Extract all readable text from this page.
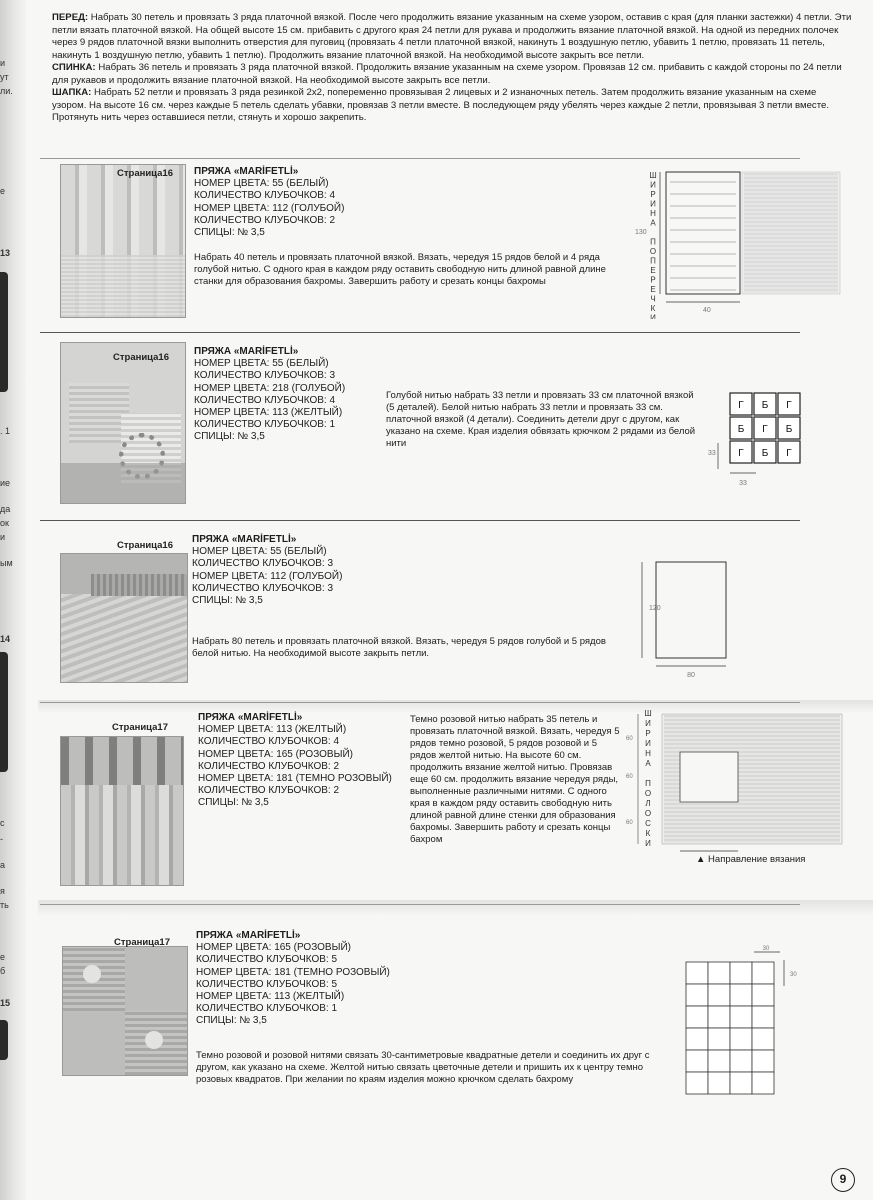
и
ут
ли.
е
13
. 1
ие
да
ок
и
ым
14
с
-
а
я
ть
е
б
15
ПЕРЕД: Набрать 30 петель и провязать 3 ряда платочной вязкой. После чего продолжить вязание указанным на схеме узором, оставив с края (для планки застежки) 4 петли. Эти петли вязать платочной вязкой. На общей высоте 15 см. прибавить с другого края 24 петли для рукава и продолжить вязание платочной вязкой. На одной из передних полочек через 9 рядов платочной вязки выполнить отверстия для пуговиц (провязать 4 петли платочной вязкой, накинуть 1 воздушную петлю, убавить 1 петлю, провязать 11 петель, накинуть 1 воздушную петлю, убавить 1 петлю). Продолжить вязание платочной вязкой. На необходимой высоте закрыть все петли.
СПИНКА: Набрать 36 петель и провязать 3 ряда платочной вязкой. Продолжить вязание указанным на схеме узором. Провязав 12 см. прибавить с каждой стороны по 24 петли для рукавов и продолжить вязание платочной вязкой. На необходимой высоте закрыть все петли.
ШАПКА: Набрать 52 петли и провязать 3 ряда резинкой 2x2, попеременно провязывая 2 лицевых и 2 изнаночных петель. Затем продолжить вязание указанным на схеме узором. На высоте 16 см. через каждые 5 петель сделать убавки, провязав 3 петли вместе. В последующем ряду убелять через каждые 2 петли, провязывая 3 петли вместе. Протянуть нить через оставшиеся петли, стянуть и хорошо закрепить.
Страница16 ПРЯЖА «MARİFETLİ»
НОМЕР ЦВЕТА: 55 (БЕЛЫЙ)
КОЛИЧЕСТВО КЛУБОЧКОВ: 4
НОМЕР ЦВЕТА: 112 (ГОЛУБОЙ)
КОЛИЧЕСТВО КЛУБОЧКОВ: 2
СПИЦЫ: № 3,5
Набрать 40 петель и провязать платочной вязкой. Вязать, чередуя 15 рядов белой и 4 ряда голубой нитью. С одного края в каждом ряду оставить свободную нить длиной равной длине станки для образования бахромы. Завершить работу и срезать концы бахромы
Ш
И
Р
И
Н
А
П
О
П
Е
Р
Е
Ч
К
И
130
40
Страница16
ПРЯЖА «MARİFETLİ»
НОМЕР ЦВЕТА: 55 (БЕЛЫЙ)
КОЛИЧЕСТВО КЛУБОЧКОВ: 3
НОМЕР ЦВЕТА: 218 (ГОЛУБОЙ)
КОЛИЧЕСТВО КЛУБОЧКОВ: 4
НОМЕР ЦВЕТА: 113 (ЖЕЛТЫЙ)
КОЛИЧЕСТВО КЛУБОЧКОВ: 1
СПИЦЫ: № 3,5
Голубой нитью набрать 33 петли и провязать 33 см платочной вязкой (5 деталей). Белой нитью набрать 33 петли и провязать 33 см. платочной вязкой (4 детали). Соединить детели друг с другом, как указано на схеме. Края изделия обвязать крючком 2 рядами из белой нити
33
33
Г Б Г
Б Г Б
Г Б Г
Страница16
ПРЯЖА «MARİFETLİ»
НОМЕР ЦВЕТА: 55 (БЕЛЫЙ)
КОЛИЧЕСТВО КЛУБОЧКОВ: 3
НОМЕР ЦВЕТА: 112 (ГОЛУБОЙ)
КОЛИЧЕСТВО КЛУБОЧКОВ: 3
СПИЦЫ: № 3,5
Набрать 80 петель и провязать платочной вязкой. Вязать, чередуя 5 рядов голубой и 5 рядов белой нитью. На необходимой высоте закрыть петли.
120
80
Страница17
ПРЯЖА «MARİFETLİ»
НОМЕР ЦВЕТА: 113 (ЖЕЛТЫЙ)
КОЛИЧЕСТВО КЛУБОЧКОВ: 4
НОМЕР ЦВЕТА: 165 (РОЗОВЫЙ)
КОЛИЧЕСТВО КЛУБОЧКОВ: 2
НОМЕР ЦВЕТА: 181 (ТЕМНО РОЗОВЫЙ)
КОЛИЧЕСТВО КЛУБОЧКОВ: 2
СПИЦЫ: № 3,5
Темно розовой нитью набрать 35 петель и провязать платочной вязкой. Вязать, чередуя 5 рядов темно розовой, 5 рядов розовой и 5 рядов желтой нитью. На высоте 60 см. продолжить вязание желтой нитью. Провязав еще 60 см. продолжить вязание чередуя ряды, выполненные различными нитями. С одного края в каждом ряду оставить свободную нить длиной равной длине стенки для образования бахромы. Завершить работу и срезать концы бахром
Ш
И
Р
И
Н
А
П
О
Л
О
С
К
И
60
60
60
▲ Направление вязания
Страница17
ПРЯЖА «MARİFETLİ»
НОМЕР ЦВЕТА: 165 (РОЗОВЫЙ)
КОЛИЧЕСТВО КЛУБОЧКОВ: 5
НОМЕР ЦВЕТА: 181 (ТЕМНО РОЗОВЫЙ)
КОЛИЧЕСТВО КЛУБОЧКОВ: 5
НОМЕР ЦВЕТА: 113 (ЖЕЛТЫЙ)
КОЛИЧЕСТВО КЛУБОЧКОВ: 1
СПИЦЫ: № 3,5
Темно розовой и розовой нитями связать 30-сантиметровые квадратные детели и соединить их друг с другом, как указано на схеме. Желтой нитью связать цветочные детели и пришить их к центру темно розовых квадратов. При желании по краям изделия можно крючком сделать бахрому
30
30
9
